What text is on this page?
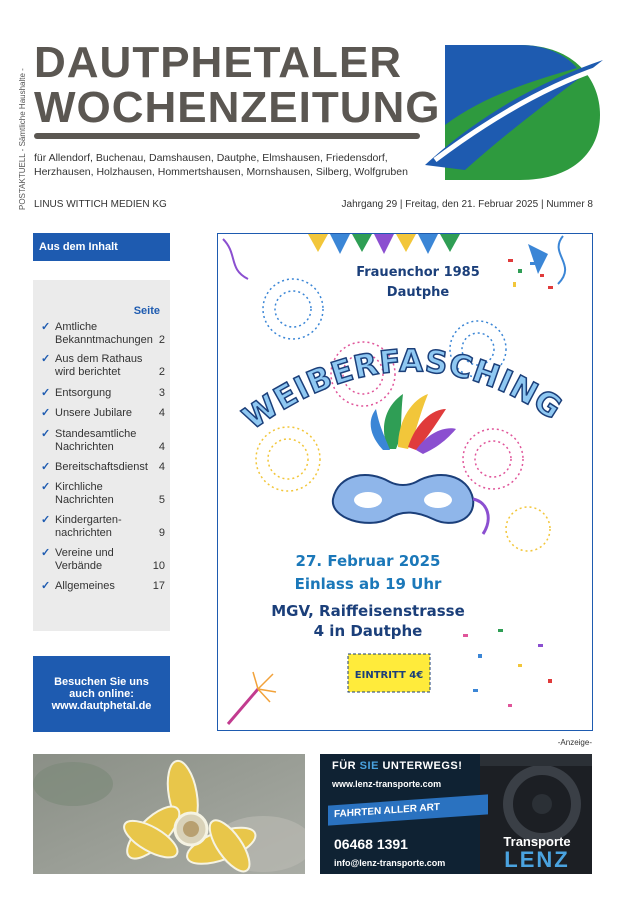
POSTAKTUELL - Sämtliche Haushalte -
DAUTPHETALER
WOCHENZEITUNG
für Allendorf, Buchenau, Damshausen, Dautphe, Elmshausen, Friedensdorf, Herzhausen, Holzhausen, Hommertshausen, Mornshausen, Silberg, Wolfgruben
LINUS WITTICH MEDIEN KG	Jahrgang 29 | Freitag, den 21. Februar 2025 | Nummer 8
Aus dem Inhalt
Seite
✓ Amtliche Bekanntmachungen 2
✓ Aus dem Rathaus wird berichtet	2
✓ Entsorgung	3
✓ Unsere Jubilare	4
✓ Standesamtliche Nachrichten	4
✓ Bereitschaftsdienst 4
✓ Kirchliche Nachrichten	5
✓ Kindergarten-nachrichten	9
✓ Vereine und Verbände	10
✓ Allgemeines	17
Besuchen Sie uns
auch online:
www.dautphetal.de
WEIBERFASCHING
Frauenchor 1985
Dautphe
27. Februar 2025
Einlass ab 19 Uhr
MGV, Raiffeisenstrasse
4 in Dautphe
EINTRITT 4€
-Anzeige-
FÜR SIE UNTERWEGS!
www.lenz-transporte.com
FAHRTEN ALLER ART
06468 1391
info@lenz-transporte.com
Transporte
LENZ
